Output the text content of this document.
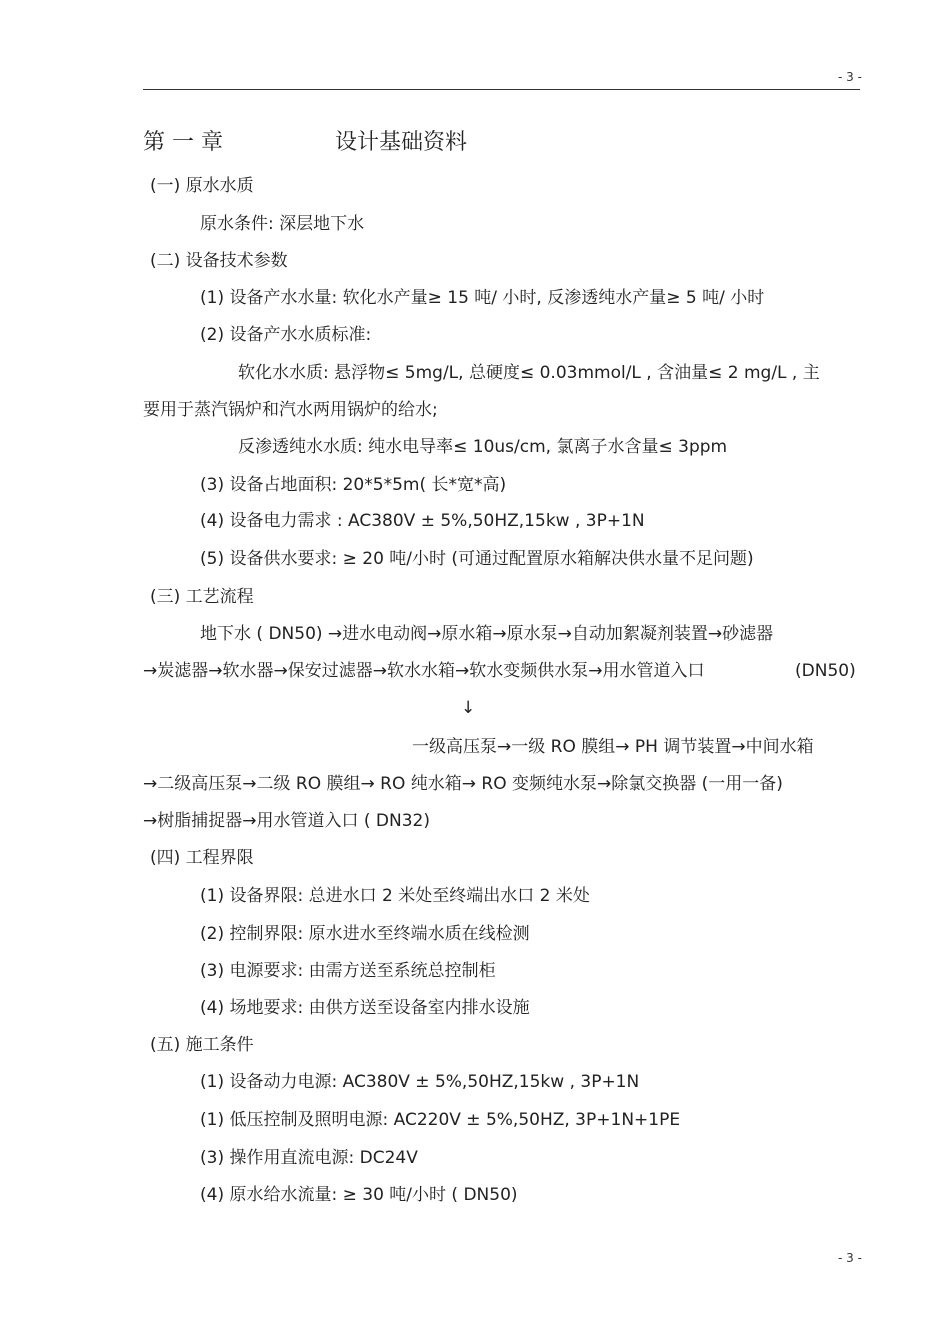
- 3 -
第 一 章	设计基础资料
(一) 原水水质
原水条件: 深层地下水
(二) 设备技术参数
(1) 设备产水水量: 软化水产量≥ 15 吨/ 小时, 反渗透纯水产量≥ 5 吨/ 小时
(2) 设备产水水质标准:
软化水水质: 悬浮物≤ 5mg/L, 总硬度≤ 0.03mmol/L , 含油量≤ 2 mg/L , 主
要用于蒸汽锅炉和汽水两用锅炉的给水;
反渗透纯水水质: 纯水电导率≤ 10us/cm, 氯离子水含量≤ 3ppm
(3) 设备占地面积: 20*5*5m( 长*宽*高)
(4) 设备电力需求 : AC380V ± 5%,50HZ,15kw , 3P+1N
(5) 设备供水要求: ≥ 20 吨/小时 (可通过配置原水箱解决供水量不足问题)
(三) 工艺流程
地下水 ( DN50) →进水电动阀→原水箱→原水泵→自动加絮凝剂装置→砂滤器
→炭滤器→软水器→保安过滤器→软水水箱→软水变频供水泵→用水管道入口	(DN50)
↓
一级高压泵→一级 RO 膜组→ PH 调节装置→中间水箱
→二级高压泵→二级 RO 膜组→ RO 纯水箱→ RO 变频纯水泵→除氯交换器 (一用一备)
→树脂捕捉器→用水管道入口 ( DN32)
(四) 工程界限
(1) 设备界限: 总进水口 2 米处至终端出水口 2 米处
(2) 控制界限: 原水进水至终端水质在线检测
(3) 电源要求: 由需方送至系统总控制柜
(4) 场地要求: 由供方送至设备室内排水设施
(五) 施工条件
(1) 设备动力电源: AC380V ± 5%,50HZ,15kw , 3P+1N
(1) 低压控制及照明电源: AC220V ± 5%,50HZ, 3P+1N+1PE
(3) 操作用直流电源: DC24V
(4) 原水给水流量: ≥ 30 吨/小时 ( DN50)
- 3 -
